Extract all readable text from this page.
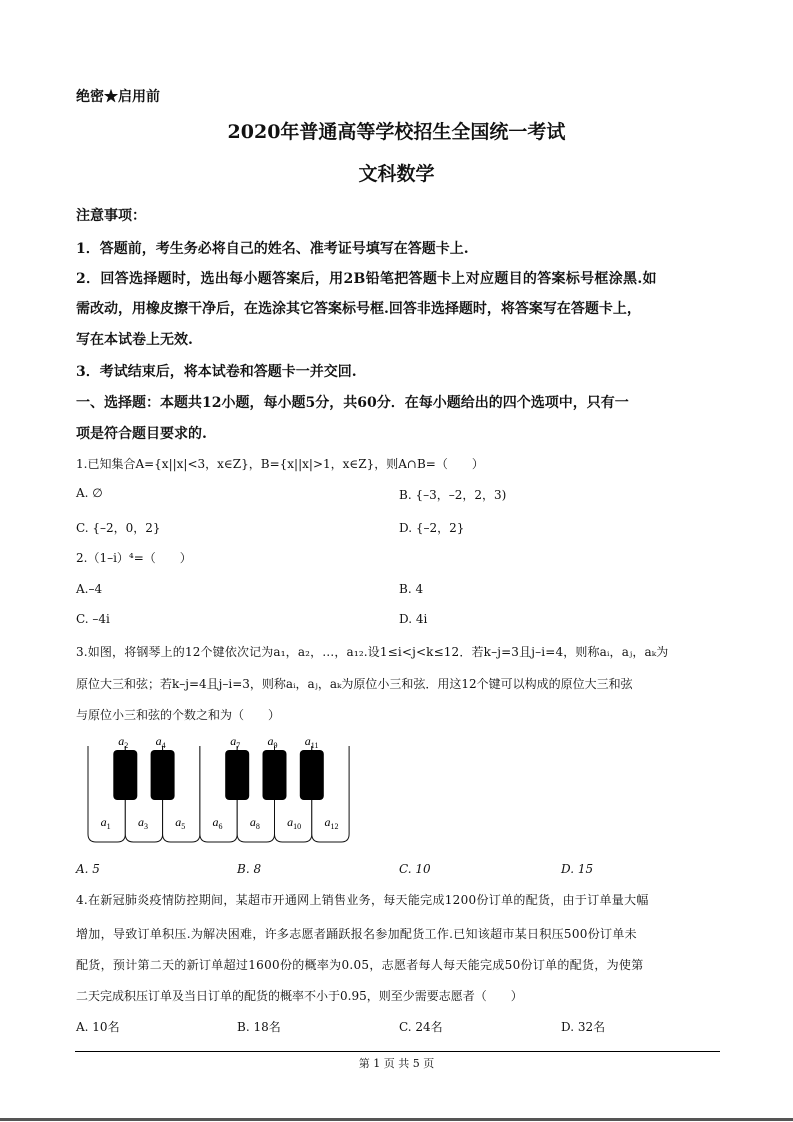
绝密★启用前
2020年普通高等学校招生全国统一考试
文科数学
注意事项：
1．答题前，考生务必将自己的姓名、准考证号填写在答题卡上.
2．回答选择题时，选出每小题答案后，用2B铅笔把答题卡上对应题目的答案标号框涂黑.如
需改动，用橡皮擦干净后，在选涂其它答案标号框.回答非选择题时，将答案写在答题卡上，
写在本试卷上无效.
3．考试结束后，将本试卷和答题卡一并交回.
一、选择题：本题共12小题，每小题5分，共60分．在每小题给出的四个选项中，只有一
项是符合题目要求的.
1.已知集合A={x||x|<3，x∈Z}，B={x||x|>1，x∈Z}，则A∩B=（　　）
A. ∅	B. {–3，–2，2，3)
C. {–2，0，2}	D. {–2，2}
2.（1–i）⁴=（　　）
A.–4	B. 4
C. –4i	D. 4i
3.如图，将钢琴上的12个键依次记为a₁，a₂，…，a₁₂.设1≤i<j<k≤12．若k–j=3且j–i=4，则称aᵢ，aⱼ，aₖ为
原位大三和弦；若k–j=4且j–i=3，则称aᵢ，aⱼ，aₖ为原位小三和弦．用这12个键可以构成的原位大三和弦
与原位小三和弦的个数之和为（　　）
$a_1$ $a_3$ $a_5$ $a_6$ $a_8$ $a_{10}$ $a_{12}$
$a_2$ $a_4$	$a_7$ $a_9$ $a_{11}$
A. 5	B. 8	C. 10	D. 15
4.在新冠肺炎疫情防控期间，某超市开通网上销售业务，每天能完成1200份订单的配货，由于订单量大幅
增加，导致订单积压.为解决困难，许多志愿者踊跃报名参加配货工作.已知该超市某日积压500份订单未
配货，预计第二天的新订单超过1600份的概率为0.05，志愿者每人每天能完成50份订单的配货，为使第
二天完成积压订单及当日订单的配货的概率不小于0.95，则至少需要志愿者（　　）
A. 10名	B. 18名	C. 24名	D. 32名
第 1 页 共 5 页
